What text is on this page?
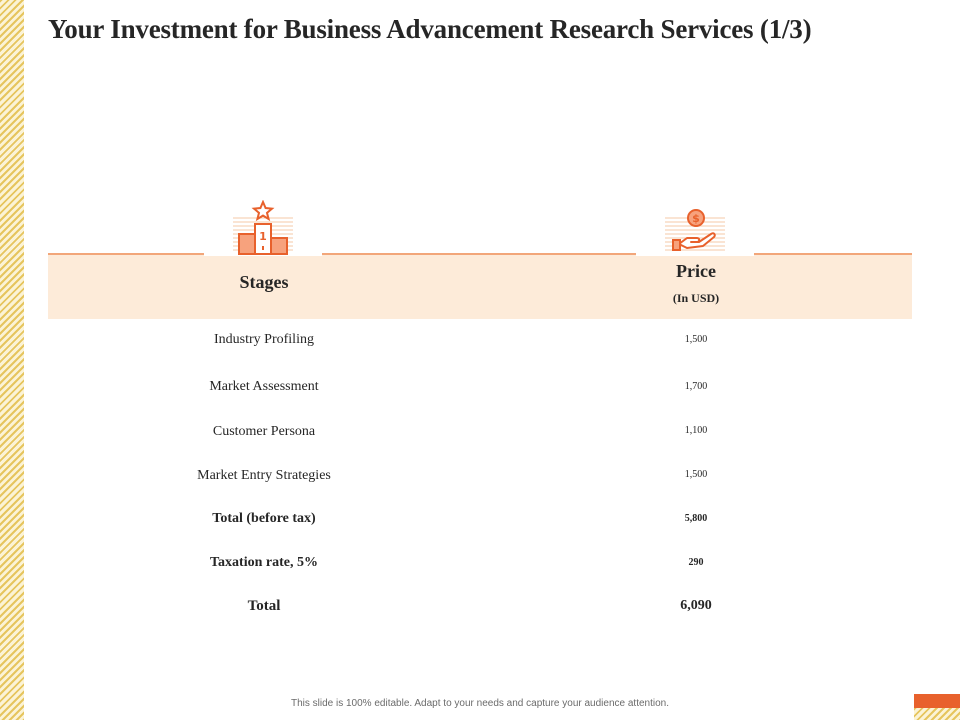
Your Investment for Business Advancement Research Services (1/3)
1
$
Stages
Price
(In USD)
Industry Profiling	1,500
Market Assessment	1,700
Customer Persona	1,100
Market Entry Strategies	1,500
Total (before tax)	5,800
Taxation rate, 5%	290
Total	6,090
This slide is 100% editable. Adapt to your needs and capture your audience attention.
